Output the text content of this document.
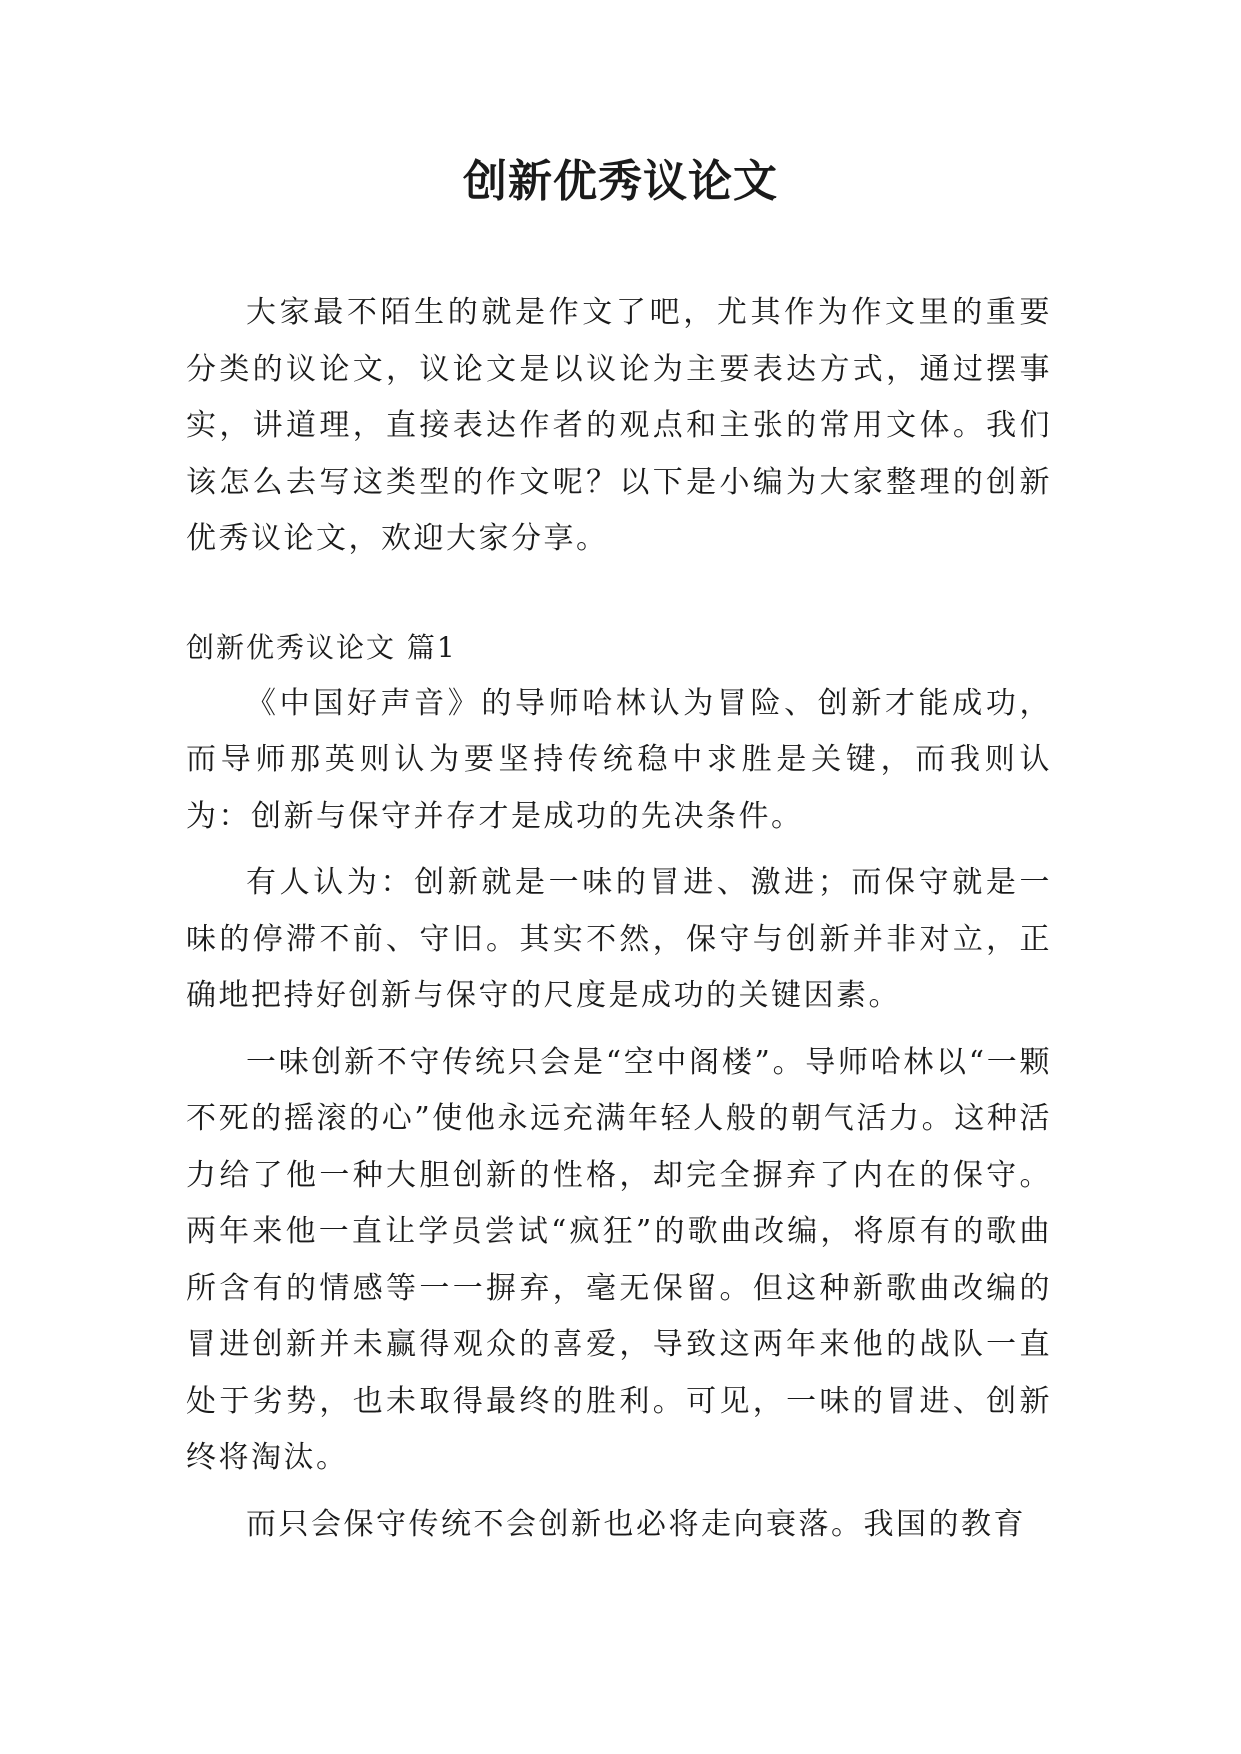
创新优秀议论文

大家最不陌生的就是作文了吧，尤其作为作文里的重要分类的议论文，议论文是以议论为主要表达方式，通过摆事实，讲道理，直接表达作者的观点和主张的常用文体。我们该怎么去写这类型的作文呢？以下是小编为大家整理的创新优秀议论文，欢迎大家分享。

创新优秀议论文 篇1

《中国好声音》的导师哈林认为冒险、创新才能成功，而导师那英则认为要坚持传统稳中求胜是关键，而我则认为：创新与保守并存才是成功的先决条件。

有人认为：创新就是一味的冒进、激进；而保守就是一味的停滞不前、守旧。其实不然，保守与创新并非对立，正确地把持好创新与保守的尺度是成功的关键因素。

一味创新不守传统只会是“空中阁楼”。导师哈林以“一颗不死的摇滚的心”使他永远充满年轻人般的朝气活力。这种活力给了他一种大胆创新的性格，却完全摒弃了内在的保守。两年来他一直让学员尝试“疯狂”的歌曲改编，将原有的歌曲所含有的情感等一一摒弃，毫无保留。但这种新歌曲改编的冒进创新并未赢得观众的喜爱，导致这两年来他的战队一直处于劣势，也未取得最终的胜利。可见，一味的冒进、创新终将淘汰。

而只会保守传统不会创新也必将走向衰落。我国的教育
